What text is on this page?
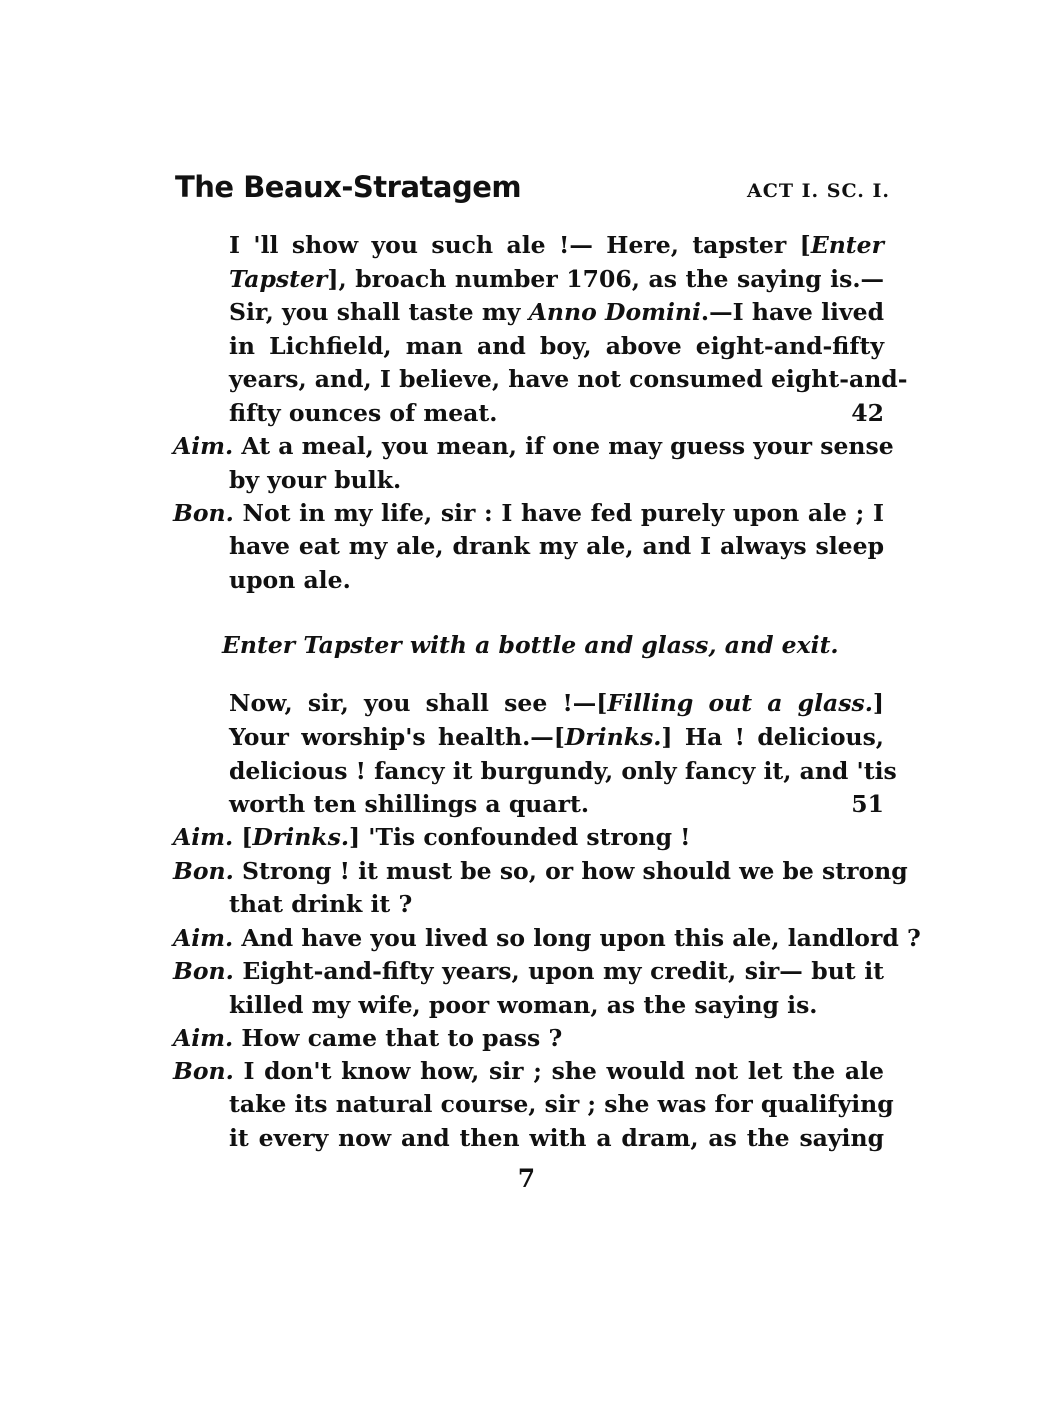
The Beaux-Stratagem	ACT I. SC. I.
I 'll show you such ale !— Here, tapster [Enter
Tapster], broach number 1706, as the saying is.—
Sir, you shall taste my Anno Domini.—I have lived
in Lichfield, man and boy, above eight-and-fifty
years, and, I believe, have not consumed eight-and-
fifty ounces of meat.	42
Aim. At a meal, you mean, if one may guess your sense
by your bulk.
Bon. Not in my life, sir : I have fed purely upon ale ; I
have eat my ale, drank my ale, and I always sleep
upon ale.
Enter Tapster with a bottle and glass, and exit.
Now, sir, you shall see !—[Filling out a glass.]
Your worship's health.—[Drinks.] Ha ! delicious,
delicious ! fancy it burgundy, only fancy it, and 'tis
worth ten shillings a quart.	51
Aim. [Drinks.] 'Tis confounded strong !
Bon. Strong ! it must be so, or how should we be strong
that drink it ?
Aim. And have you lived so long upon this ale, landlord ?
Bon. Eight-and-fifty years, upon my credit, sir— but it
killed my wife, poor woman, as the saying is.
Aim. How came that to pass ?
Bon. I don't know how, sir ; she would not let the ale
take its natural course, sir ; she was for qualifying
it every now and then with a dram, as the saying
7
